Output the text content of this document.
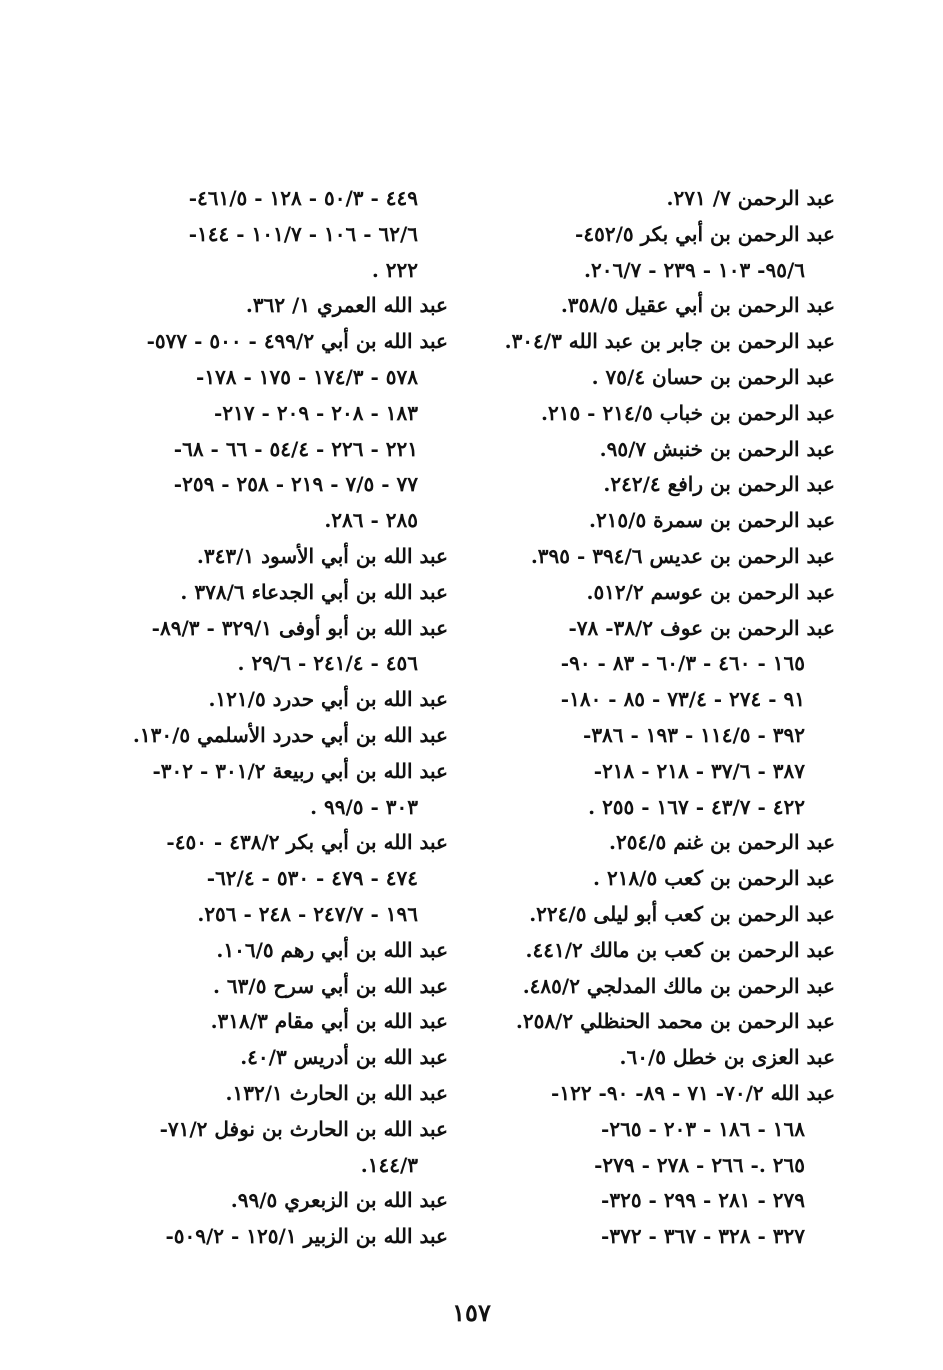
عبد الرحمن ٧/ ٢٧١.
عبد الرحمن بن أبي بكر ٤٥٢/٥-
٩٥/٦- ١٠٣ - ٢٣٩ - ٢٠٦/٧.
عبد الرحمن بن أبي عقيل ٣٥٨/٥.
عبد الرحمن بن جابر بن عبد الله ٣٠٤/٣.
عبد الرحمن بن حسان ٧٥/٤ .
عبد الرحمن بن خباب ٢١٤/٥ - ٢١٥.
عبد الرحمن بن خنبش ٩٥/٧.
عبد الرحمن بن رافع ٢٤٢/٤.
عبد الرحمن بن سمرة ٢١٥/٥.
عبد الرحمن بن عديس ٣٩٤/٦ - ٣٩٥.
عبد الرحمن بن عوسم ٥١٢/٢.
عبد الرحمن بن عوف ٣٨/٢- ٧٨-
١٦٥ - ٤٦٠ - ٦٠/٣ - ٨٣ - ٩٠-
٩١ - ٢٧٤ - ٧٣/٤ - ٨٥ - ١٨٠-
٣٩٢ - ١١٤/٥ - ١٩٣ - ٣٨٦-
٣٨٧ - ٣٧/٦ - ٢١٨ - ٢١٨-
٤٢٢ - ٤٣/٧ - ١٦٧ - ٢٥٥ .
عبد الرحمن بن غنم ٢٥٤/٥.
عبد الرحمن بن كعب ٢١٨/٥ .
عبد الرحمن بن كعب أبو ليلى ٢٢٤/٥.
عبد الرحمن بن كعب بن مالك ٤٤١/٢.
عبد الرحمن بن مالك المدلجي ٤٨٥/٢.
عبد الرحمن بن محمد الحنظلي ٢٥٨/٢.
عبد العزى بن خطل ٦٠/٥.
عبد الله ٧٠/٢- ٧١ - ٨٩- ٩٠- ١٢٢-
١٦٨ - ١٨٦ - ٢٠٣ - ٢٦٥-
٢٦٥ .- ٢٦٦ - ٢٧٨ - ٢٧٩-
٢٧٩ - ٢٨١ - ٢٩٩ - ٣٢٥-
٣٢٧ - ٣٢٨ - ٣٦٧ - ٣٧٢-
٤٤٩ - ٥٠/٣ - ١٢٨ - ٤٦١/٥-
٦٢/٦ - ١٠٦ - ١٠١/٧ - ١٤٤-
٢٢٢ .
عبد الله العمري ١/ ٣٦٢.
عبد الله بن أبي ٤٩٩/٢ - ٥٠٠ - ٥٧٧-
٥٧٨ - ١٧٤/٣ - ١٧٥ - ١٧٨-
١٨٣ - ٢٠٨ - ٢٠٩ - ٢١٧-
٢٢١ - ٢٢٦ - ٥٤/٤ - ٦٦ - ٦٨-
٧٧ - ٧/٥ - ٢١٩ - ٢٥٨ - ٢٥٩-
٢٨٥ - ٢٨٦.
عبد الله بن أبي الأسود ٣٤٣/١.
عبد الله بن أبي الجدعاء ٣٧٨/٦ .
عبد الله بن أبو أوفى ٣٢٩/١ - ٨٩/٣-
٤٥٦ - ٢٤١/٤ - ٢٩/٦ .
عبد الله بن أبي حدرد ١٢١/٥.
عبد الله بن أبي حدرد الأسلمي ١٣٠/٥.
عبد الله بن أبي ربيعة ٣٠١/٢ - ٣٠٢-
٣٠٣ - ٩٩/٥ .
عبد الله بن أبي بكر ٤٣٨/٢ - ٤٥٠-
٤٧٤ - ٤٧٩ - ٥٣٠ - ٦٢/٤-
١٩٦ - ٢٤٧/٧ - ٢٤٨ - ٢٥٦.
عبد الله بن أبي رهم ١٠٦/٥.
عبد الله بن أبي سرح ٦٣/٥ .
عبد الله بن أبي مقام ٣١٨/٣.
عبد الله بن أدريس ٤٠/٣.
عبد الله بن الحارث ١٣٢/١.
عبد الله بن الحارث بن نوفل ٧١/٢-
١٤٤/٣.
عبد الله بن الزبعري ٩٩/٥.
عبد الله بن الزبير ١٢٥/١ - ٥٠٩/٢-
١٥٧
